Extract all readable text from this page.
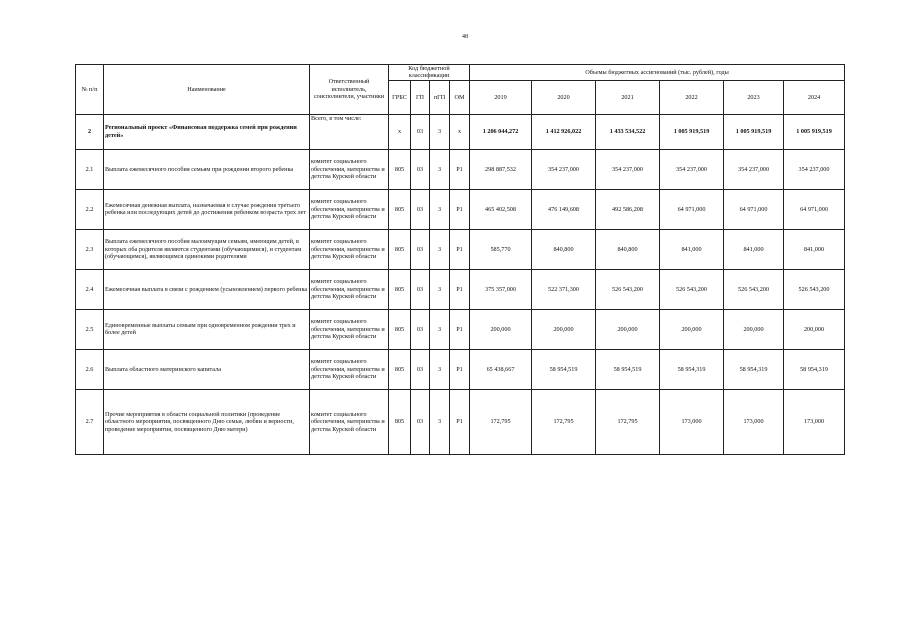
48
№ п/п	Наименование	Ответственный исполнитель, соисполнители, участники	Код бюджетной классификации				Объемы бюджетных ассигнований (тыс. рублей), годы					
			ГРБС	ГП	пГП	ОМ	2019	2020	2021	2022	2023	2024
2	Региональный проект «Финансовая поддержка семей при рождении детей»	Всего, в том числе:	х	03	3	х	1 206 044,272	1 412 926,022	1 433 534,522	1 005 919,519	1 005 919,519	1 005 919,519
2.1	Выплата ежемесячного пособия семьям при рождении второго ребенка	комитет социального обеспечения, материнства и детства Курской области	805	03	3	P1	298 887,532	354 237,000	354 237,000	354 237,000	354 237,000	354 237,000
2.2	Ежемесячная денежная выплата, назначаемая в случае рождения третьего ребенка или последующих детей до достижения ребенком возраста трех лет	комитет социального обеспечения, материнства и детства Курской области	805	03	3	P1	465 402,508	476 149,608	492 586,208	64 971,000	64 971,000	64 971,000
2.3	Выплата ежемесячного пособия малоимущим семьям, имеющим детей, в которых оба родителя являются студентами (обучающимися), и студентам (обучающимся), являющимся одинокими родителями	комитет социального обеспечения, материнства и детства Курской области	805	03	3	P1	585,770	840,800	840,800	841,000	841,000	841,000
2.4	Ежемесячная выплата в связи с рождением (усыновлением) первого ребенка	комитет социального обеспечения, материнства и детства Курской области	805	03	3	P1	375 357,000	522 371,300	526 543,200	526 543,200	526 543,200	526 543,200
2.5	Единовременные выплаты семьям при одновременном рождении трех и более детей	комитет социального обеспечения, материнства и детства Курской области	805	03	3	P1	200,000	200,000	200,000	200,000	200,000	200,000
2.6	Выплата областного материнского капитала	комитет социального обеспечения, материнства и детства Курской области	805	03	3	P1	65 438,667	58 954,519	58 954,519	58 954,319	58 954,319	58 954,319
2.7	Прочие мероприятия в области социальной политики (проведение областного мероприятия, посвященного Дню семьи, любви и верности, проведение мероприятия, посвященного Дню матери)	комитет социального обеспечения, материнства и детства Курской области	805	03	3	P1	172,795	172,795	172,795	173,000	173,000	173,000
